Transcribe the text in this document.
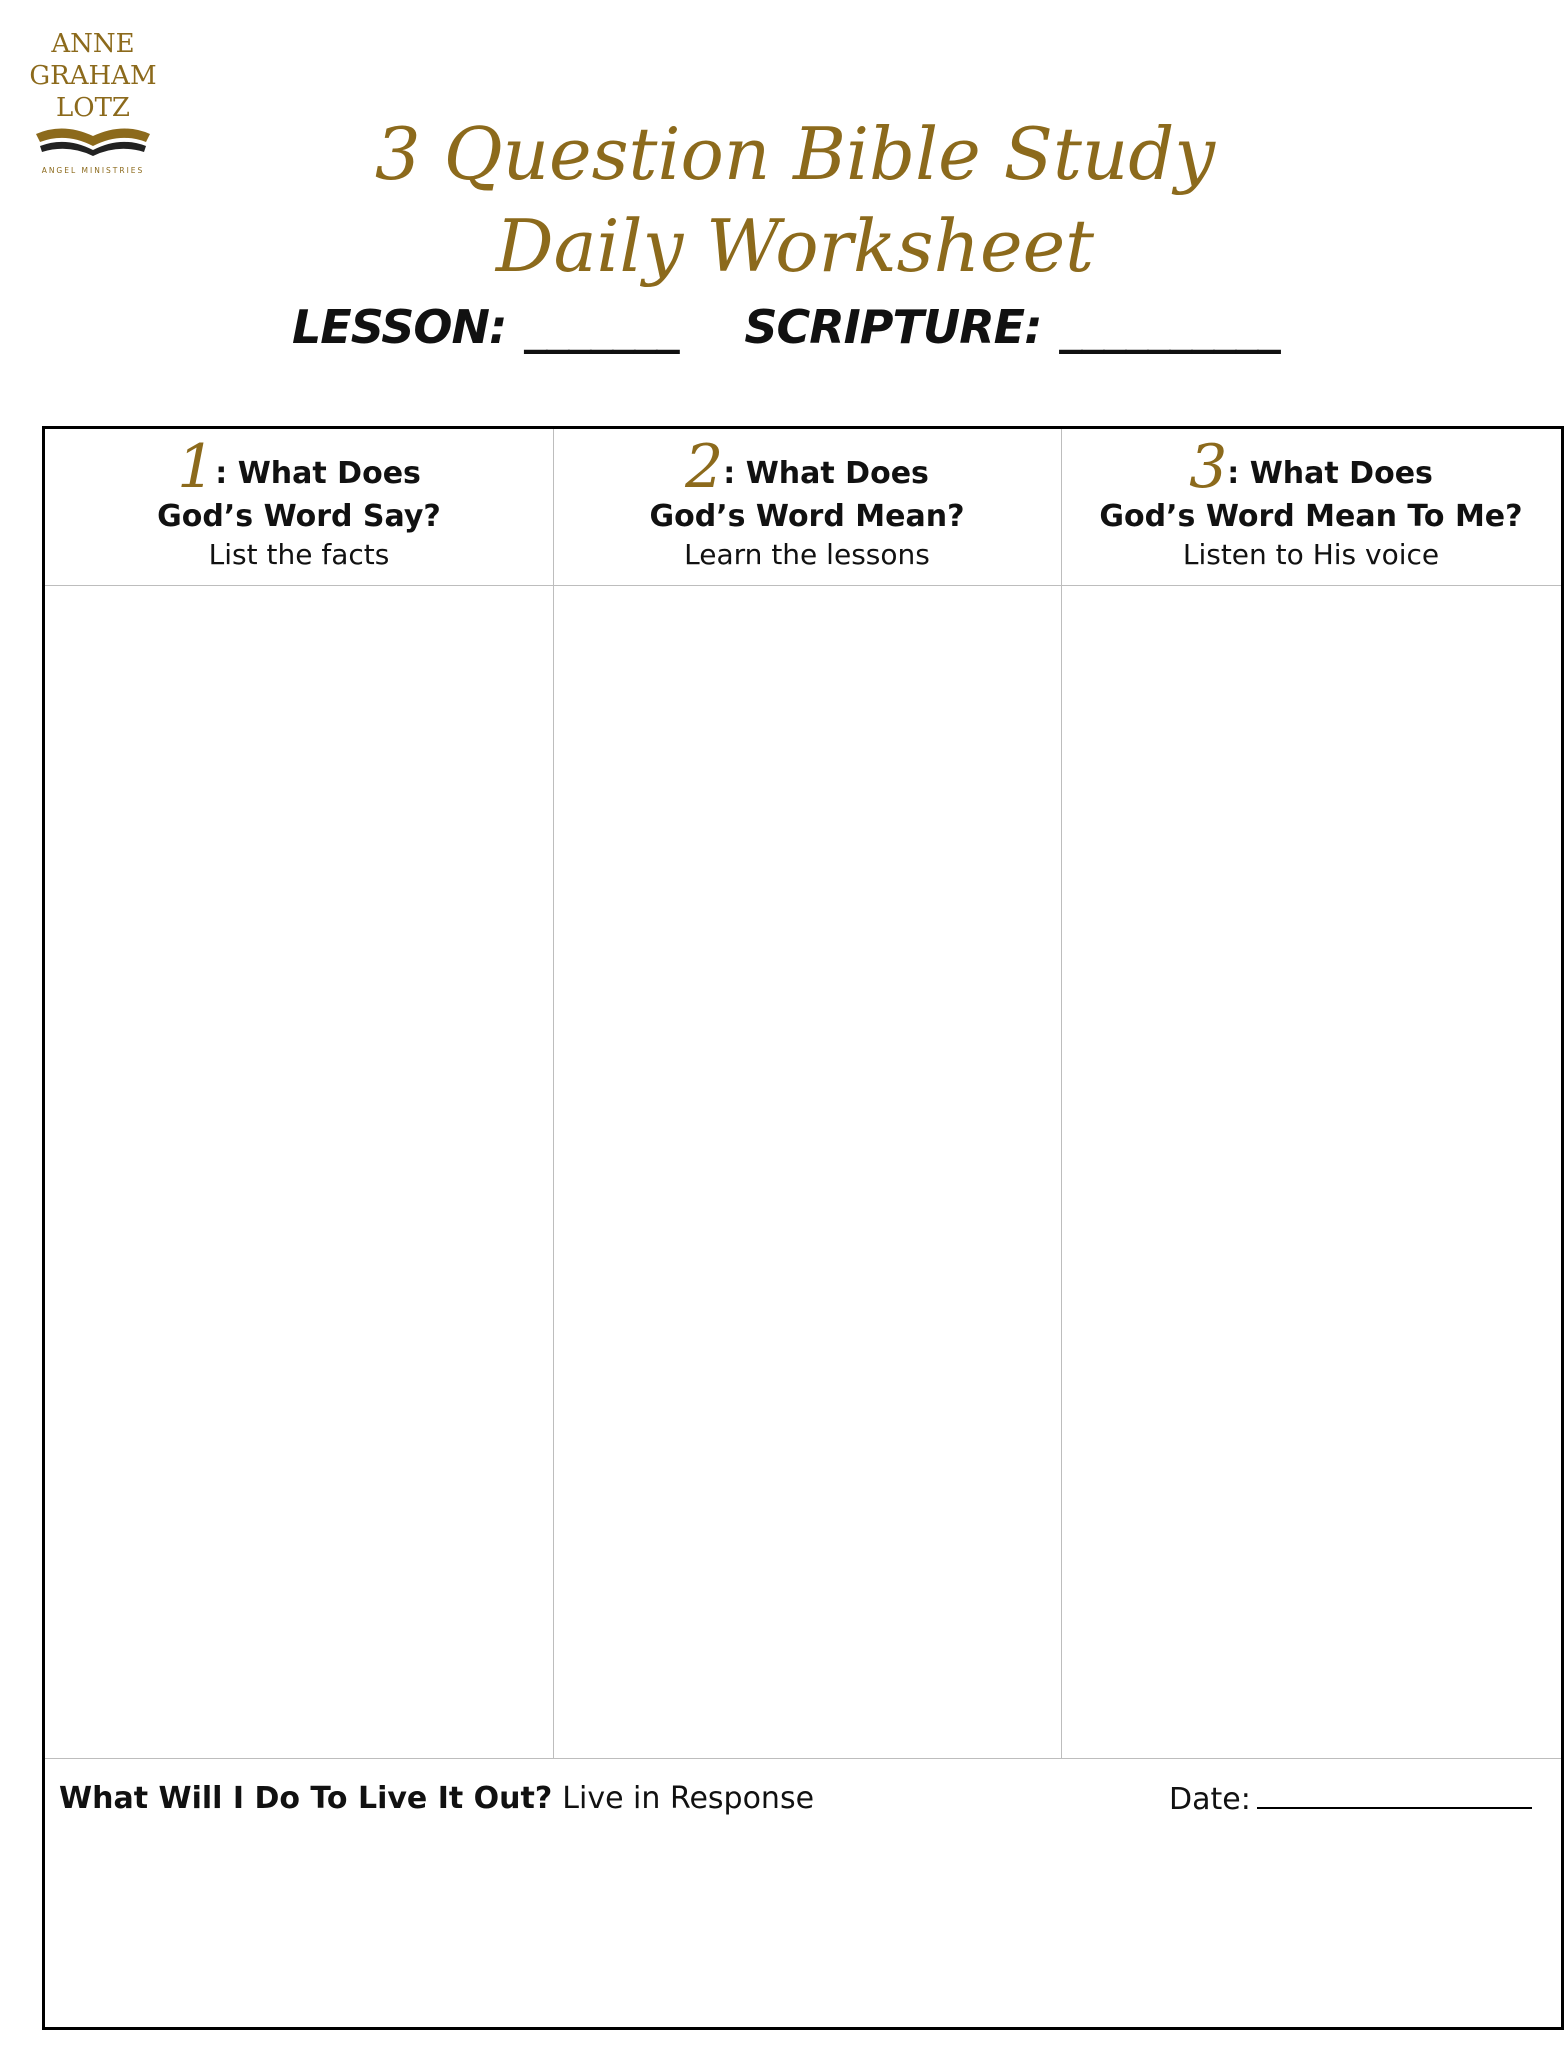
ANNE
GRAHAM
LOTZ
ANGEL MINISTRIES	3 Question Bible Study
Daily Worksheet
LESSON: _______ SCRIPTURE: __________
1: What Does
God’s Word Say?
List the facts
2: What Does
God’s Word Mean?
Learn the lessons
3: What Does
God’s Word Mean To Me?
Listen to His voice
What Will I Do To Live It Out? Live in Response	Date:
